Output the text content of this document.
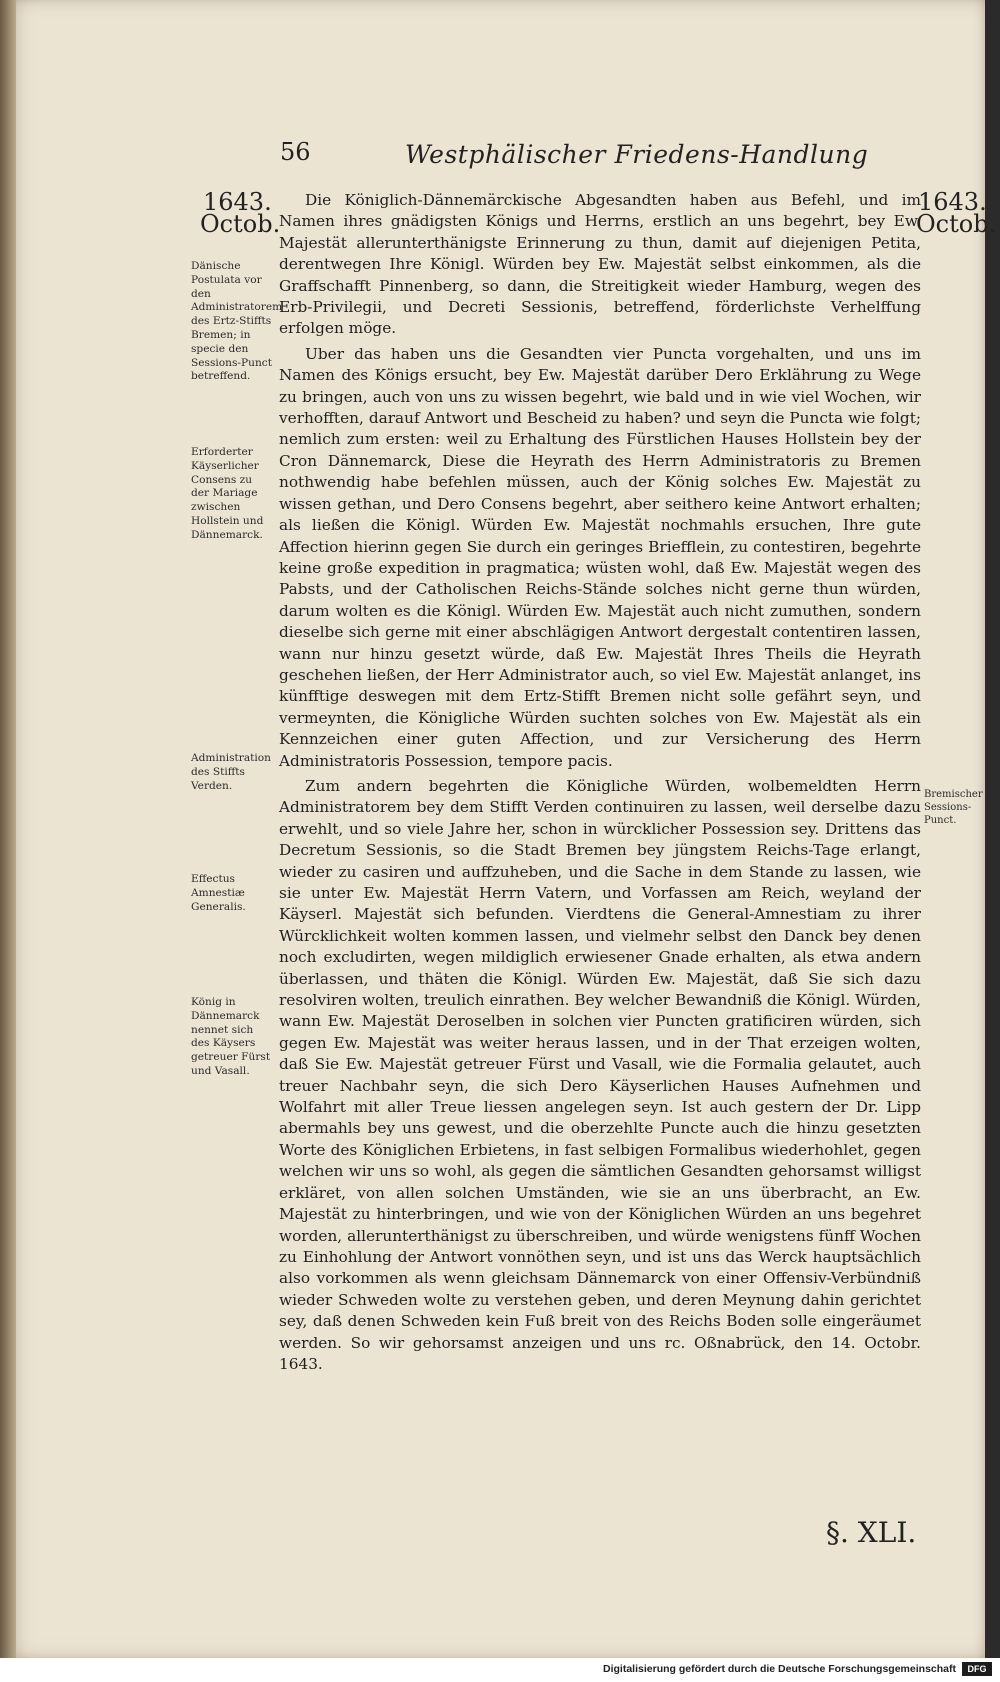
56	Westphälischer Friedens-Handlung
1643.
Octob.
1643.
Octob.
Dänische Postulata vor den Administratorem des Ertz-Stiffts Bremen; in specie den Sessions-Punct betreffend.
Erforderter Käyserlicher Consens zu der Mariage zwischen Hollstein und Dännemarck.
Administration des Stiffts Verden.
Effectus Amnestiæ Generalis.
König in Dännemarck nennet sich des Käysers getreuer Fürst und Vasall.
Bremischer Sessions-Punct.

Die Königlich-Dännemärckische Abgesandten haben aus Befehl, und im Namen ihres gnädigsten Königs und Herrns, erstlich an uns begehrt, bey Ew. Majestät allerunterthänigste Erinnerung zu thun, damit auf diejenigen Petita, derentwegen Ihre Königl. Würden bey Ew. Majestät selbst einkommen, als die Graffschafft Pinnenberg, so dann, die Streitigkeit wieder Hamburg, wegen des Erb-Privilegii, und Decreti Sessionis, betreffend, förderlichste Verhelffung erfolgen möge.

Uber das haben uns die Gesandten vier Puncta vorgehalten, und uns im Namen des Königs ersucht, bey Ew. Majestät darüber Dero Erklährung zu Wege zu bringen, auch von uns zu wissen begehrt, wie bald und in wie viel Wochen, wir verhofften, darauf Antwort und Bescheid zu haben? und seyn die Puncta wie folgt; nemlich zum ersten: weil zu Erhaltung des Fürstlichen Hauses Hollstein bey der Cron Dännemarck, Diese die Heyrath des Herrn Administratoris zu Bremen nothwendig habe befehlen müssen, auch der König solches Ew. Majestät zu wissen gethan, und Dero Consens begehrt, aber seithero keine Antwort erhalten; als ließen die Königl. Würden Ew. Majestät nochmahls ersuchen, Ihre gute Affection hierinn gegen Sie durch ein geringes Briefflein, zu contestiren, begehrte keine große expedition in pragmatica; wüsten wohl, daß Ew. Majestät wegen des Pabsts, und der Catholischen Reichs-Stände solches nicht gerne thun würden, darum wolten es die Königl. Würden Ew. Majestät auch nicht zumuthen, sondern dieselbe sich gerne mit einer abschlägigen Antwort dergestalt contentiren lassen, wann nur hinzu gesetzt würde, daß Ew. Majestät Ihres Theils die Heyrath geschehen ließen, der Herr Administrator auch, so viel Ew. Majestät anlanget, ins künfftige deswegen mit dem Ertz-Stifft Bremen nicht solle gefährt seyn, und vermeynten, die Königliche Würden suchten solches von Ew. Majestät als ein Kennzeichen einer guten Affection, und zur Versicherung des Herrn Administratoris Possession, tempore pacis.

Zum andern begehrten die Königliche Würden, wolbemeldten Herrn Administratorem bey dem Stifft Verden continuiren zu lassen, weil derselbe dazu erwehlt, und so viele Jahre her, schon in würcklicher Possession sey. Drittens das Decretum Sessionis, so die Stadt Bremen bey jüngstem Reichs-Tage erlangt, wieder zu casiren und auffzuheben, und die Sache in dem Stande zu lassen, wie sie unter Ew. Majestät Herrn Vatern, und Vorfassen am Reich, weyland der Käyserl. Majestät sich befunden. Vierdtens die General-Amnestiam zu ihrer Würcklichkeit wolten kommen lassen, und vielmehr selbst den Danck bey denen noch excludirten, wegen mildiglich erwiesener Gnade erhalten, als etwa andern überlassen, und thäten die Königl. Würden Ew. Majestät, daß Sie sich dazu resolviren wolten, treulich einrathen. Bey welcher Bewandniß die Königl. Würden, wann Ew. Majestät Deroselben in solchen vier Puncten gratificiren würden, sich gegen Ew. Majestät was weiter heraus lassen, und in der That erzeigen wolten, daß Sie Ew. Majestät getreuer Fürst und Vasall, wie die Formalia gelautet, auch treuer Nachbahr seyn, die sich Dero Käyserlichen Hauses Aufnehmen und Wolfahrt mit aller Treue liessen angelegen seyn. Ist auch gestern der Dr. Lipp abermahls bey uns gewest, und die oberzehlte Puncte auch die hinzu gesetzten Worte des Königlichen Erbietens, in fast selbigen Formalibus wiederhohlet, gegen welchen wir uns so wohl, als gegen die sämtlichen Gesandten gehorsamst willigst erkläret, von allen solchen Umständen, wie sie an uns überbracht, an Ew. Majestät zu hinterbringen, und wie von der Königlichen Würden an uns begehret worden, allerunterthänigst zu überschreiben, und würde wenigstens fünff Wochen zu Einhohlung der Antwort vonnöthen seyn, und ist uns das Werck hauptsächlich also vorkommen als wenn gleichsam Dännemarck von einer Offensiv-Verbündniß wieder Schweden wolte zu verstehen geben, und deren Meynung dahin gerichtet sey, daß denen Schweden kein Fuß breit von des Reichs Boden solle eingeräumet werden. So wir gehorsamst anzeigen und uns rc. Oßnabrück, den 14. Octobr. 1643.

§. XLI.
Digitalisierung gefördert durch die Deutsche Forschungsgemeinschaft	DFG
